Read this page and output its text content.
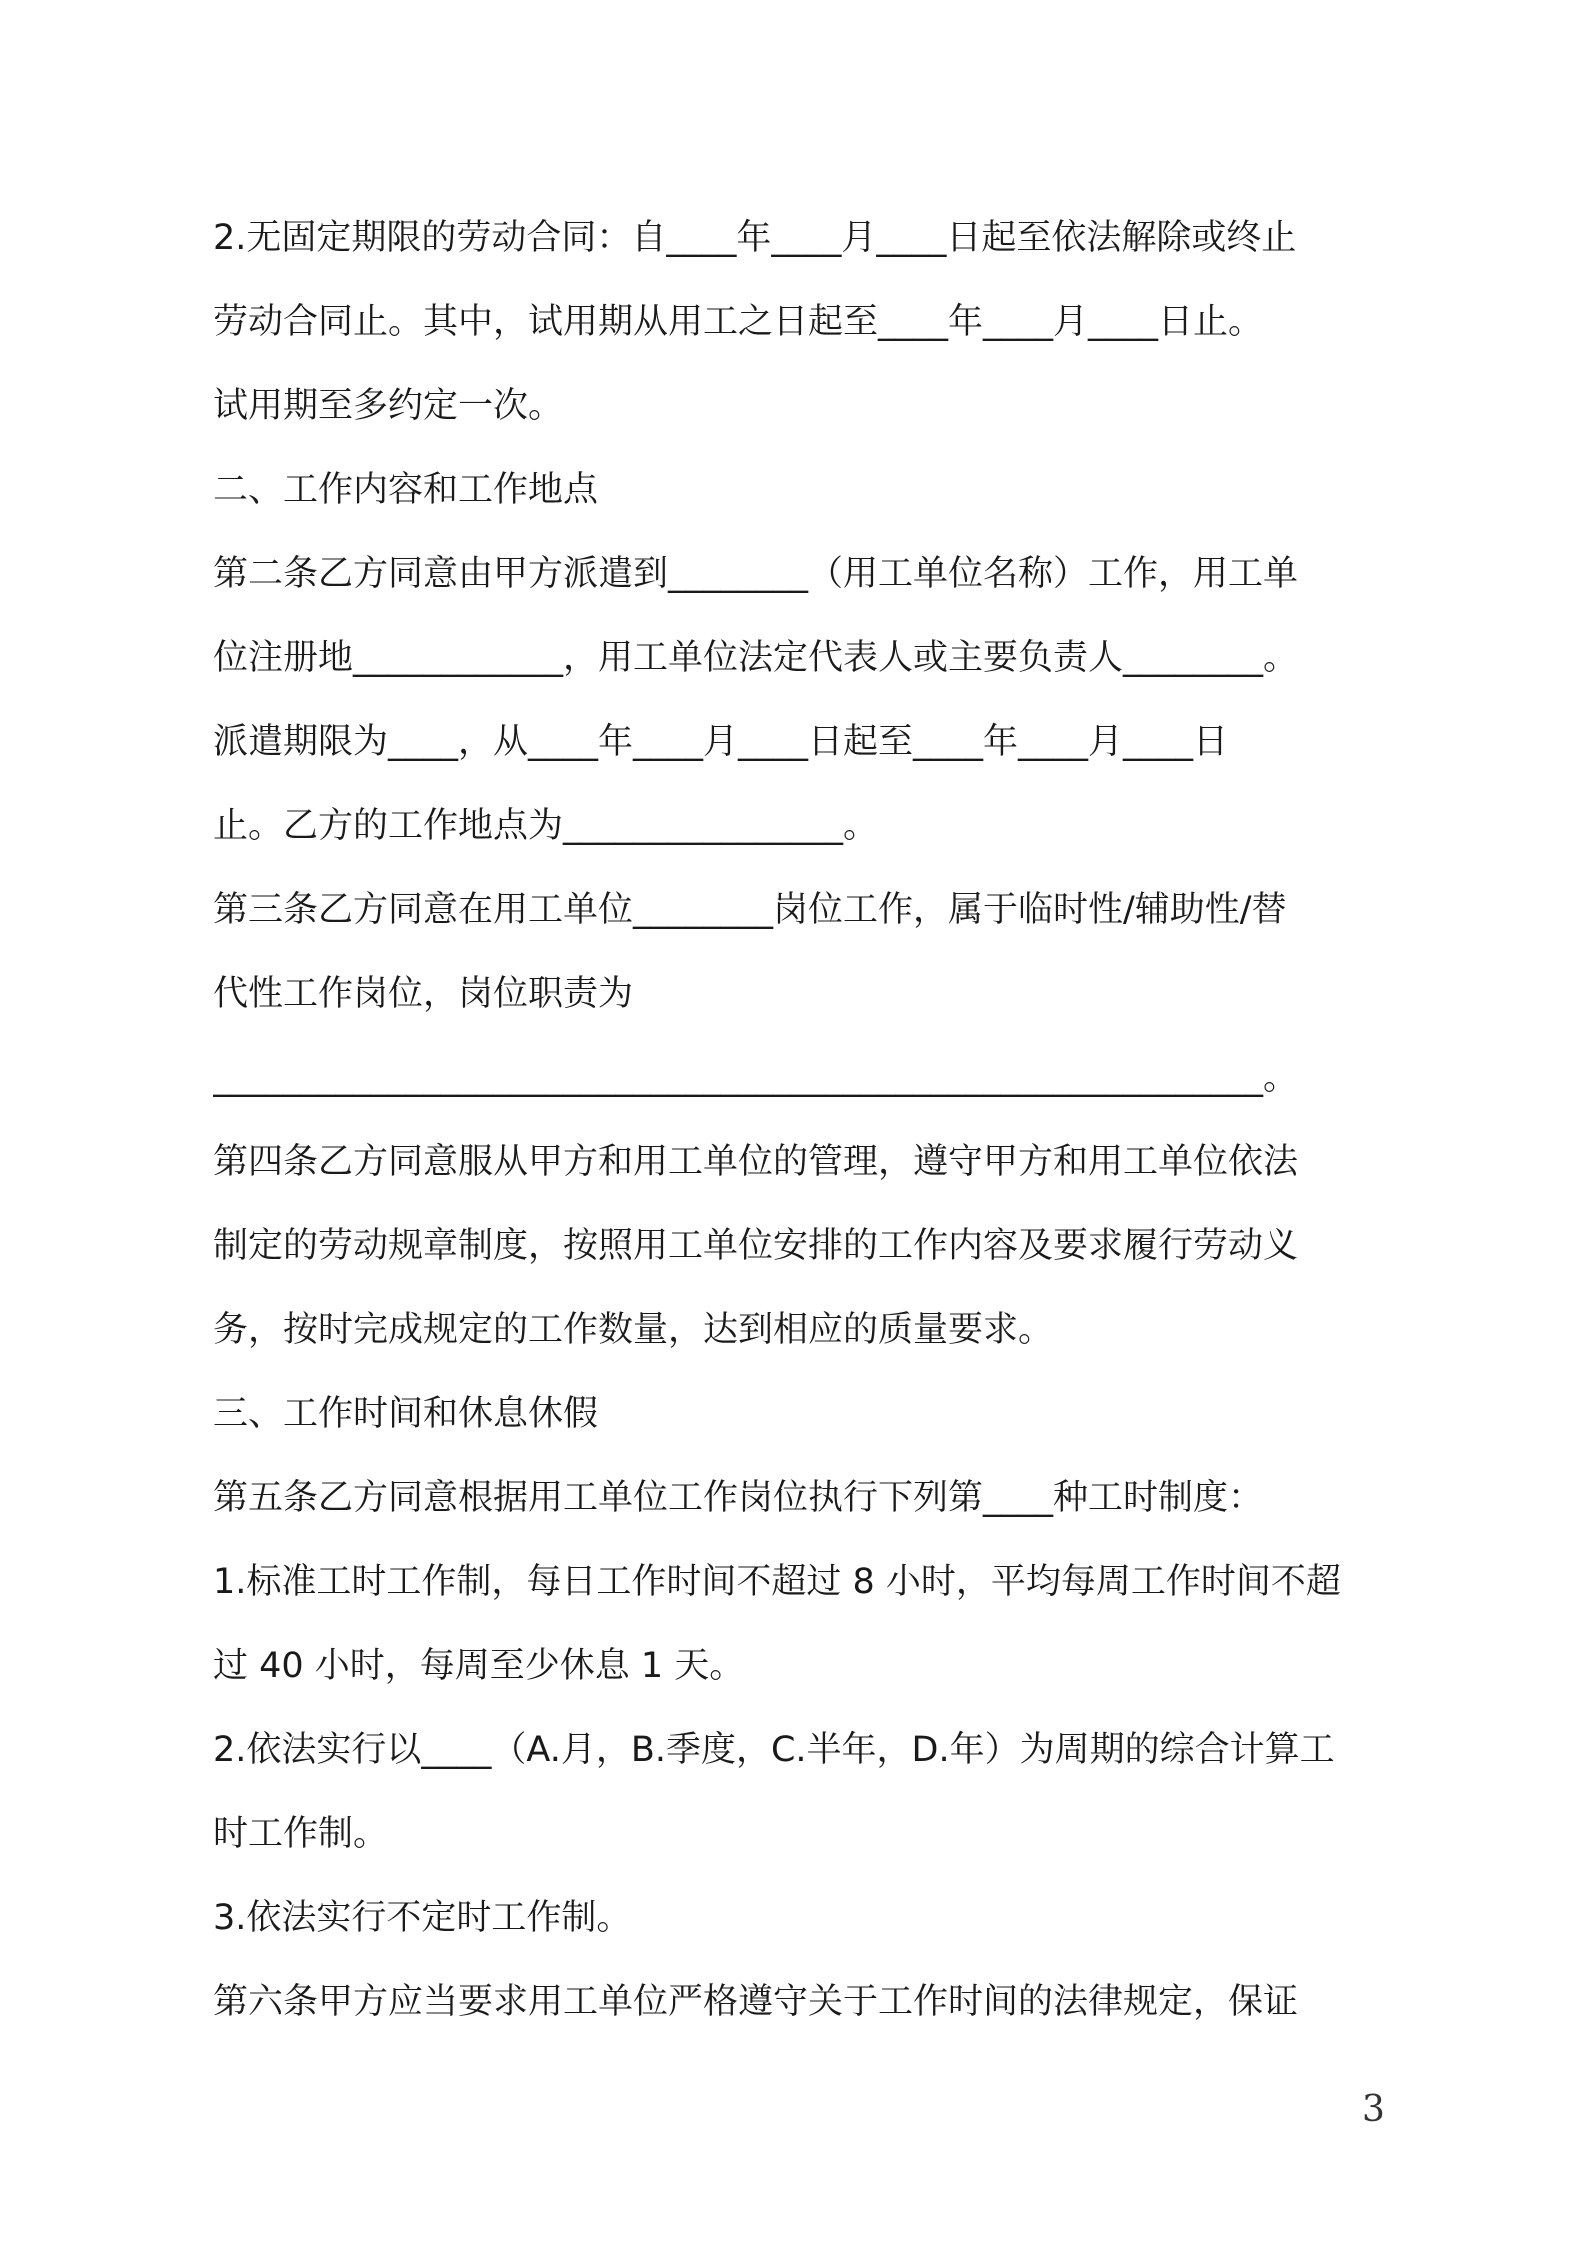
2.无固定期限的劳动合同：自____年____月____日起至依法解除或终止
劳动合同止。其中，试用期从用工之日起至____年____月____日止。
试用期至多约定一次。
二、工作内容和工作地点
第二条乙方同意由甲方派遣到________（用工单位名称）工作，用工单
位注册地____________，用工单位法定代表人或主要负责人________。
派遣期限为____，从____年____月____日起至____年____月____日
止。乙方的工作地点为________________。
第三条乙方同意在用工单位________岗位工作，属于临时性/辅助性/替
代性工作岗位，岗位职责为
____________________________________________________________。
第四条乙方同意服从甲方和用工单位的管理，遵守甲方和用工单位依法
制定的劳动规章制度，按照用工单位安排的工作内容及要求履行劳动义
务，按时完成规定的工作数量，达到相应的质量要求。
三、工作时间和休息休假
第五条乙方同意根据用工单位工作岗位执行下列第____种工时制度：
1.标准工时工作制，每日工作时间不超过 8 小时，平均每周工作时间不超
过 40 小时，每周至少休息 1 天。
2.依法实行以____（A.月，B.季度，C.半年，D.年）为周期的综合计算工
时工作制。
3.依法实行不定时工作制。
第六条甲方应当要求用工单位严格遵守关于工作时间的法律规定，保证
3
